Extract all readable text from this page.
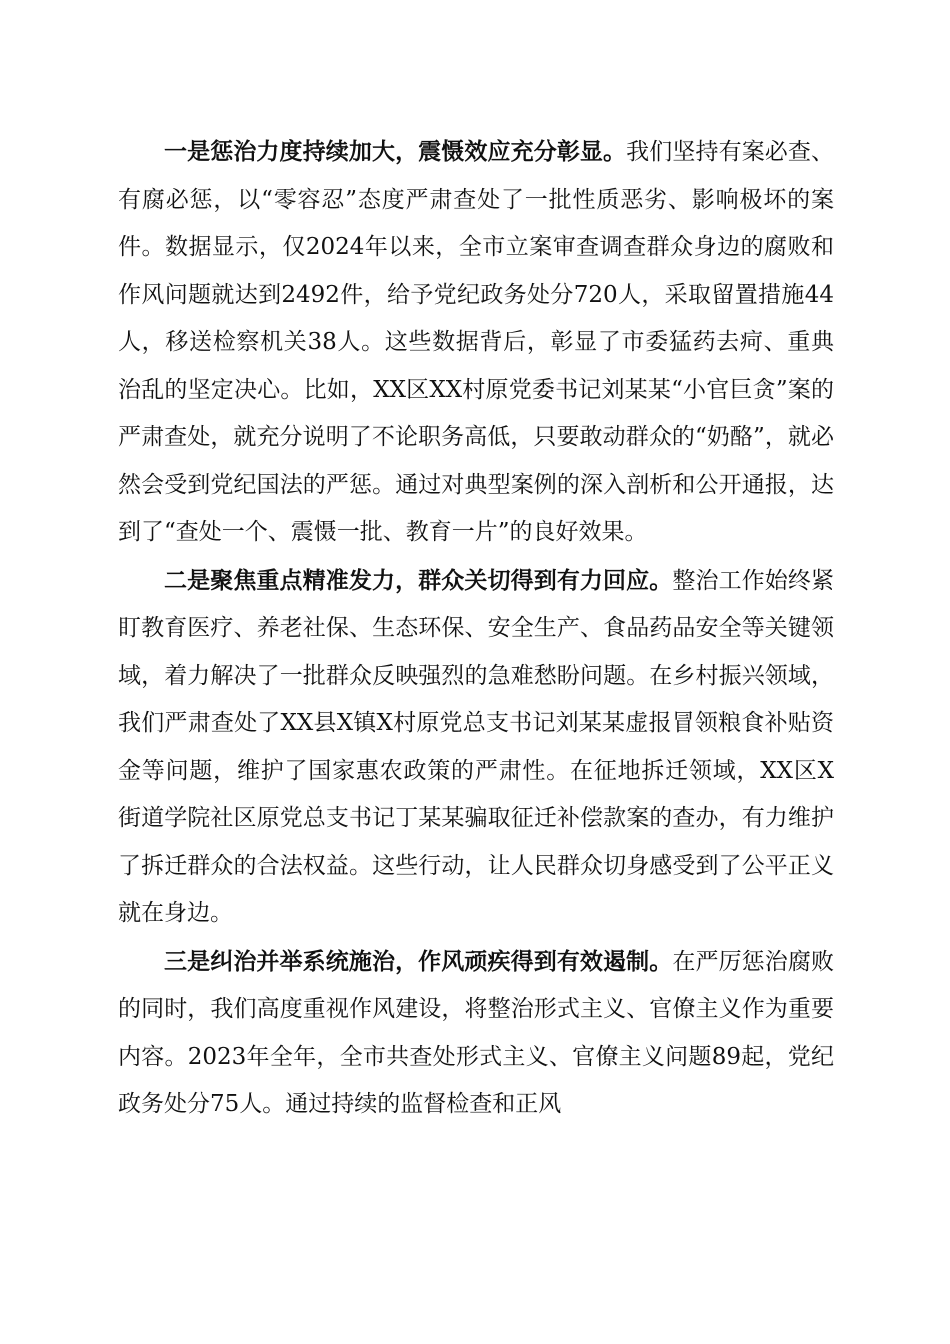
一是惩治力度持续加大，震慑效应充分彰显。我们坚持有案必查、有腐必惩，以“零容忍”态度严肃查处了一批性质恶劣、影响极坏的案件。数据显示，仅2024年以来，全市立案审查调查群众身边的腐败和作风问题就达到2492件，给予党纪政务处分720人，采取留置措施44人，移送检察机关38人。这些数据背后，彰显了市委猛药去疴、重典治乱的坚定决心。比如，XX区XX村原党委书记刘某某“小官巨贪”案的严肃查处，就充分说明了不论职务高低，只要敢动群众的“奶酪”，就必然会受到党纪国法的严惩。通过对典型案例的深入剖析和公开通报，达到了“查处一个、震慑一批、教育一片”的良好效果。

二是聚焦重点精准发力，群众关切得到有力回应。整治工作始终紧盯教育医疗、养老社保、生态环保、安全生产、食品药品安全等关键领域，着力解决了一批群众反映强烈的急难愁盼问题。在乡村振兴领域，我们严肃查处了XX县X镇X村原党总支书记刘某某虚报冒领粮食补贴资金等问题，维护了国家惠农政策的严肃性。在征地拆迁领域，XX区X街道学院社区原党总支书记丁某某骗取征迁补偿款案的查办，有力维护了拆迁群众的合法权益。这些行动，让人民群众切身感受到了公平正义就在身边。

三是纠治并举系统施治，作风顽疾得到有效遏制。在严厉惩治腐败的同时，我们高度重视作风建设，将整治形式主义、官僚主义作为重要内容。2023年全年，全市共查处形式主义、官僚主义问题89起，党纪政务处分75人。通过持续的监督检查和正风
